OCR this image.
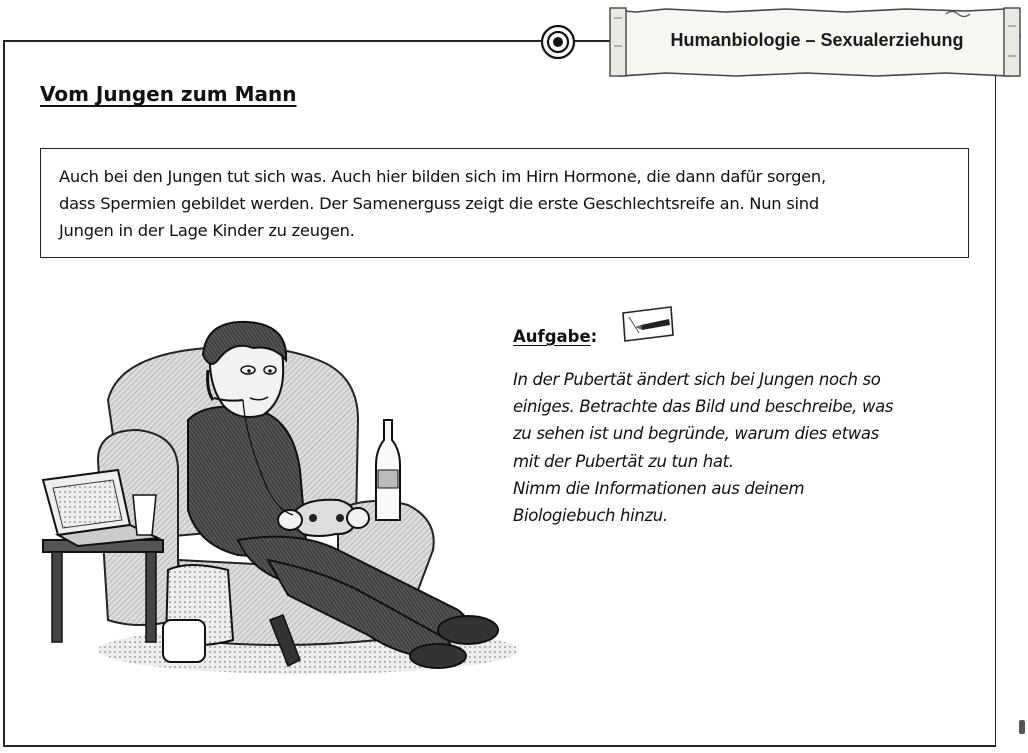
Humanbiologie – Sexualerziehung
Vom Jungen zum Mann
Auch bei den Jungen tut sich was. Auch hier bilden sich im Hirn Hormone, die dann dafür sorgen,
dass Spermien gebildet werden. Der Samenerguss zeigt die erste Geschlechtsreife an. Nun sind
Jungen in der Lage Kinder zu zeugen.
Aufgabe:
In der Pubertät ändert sich bei Jungen noch so
einiges. Betrachte das Bild und beschreibe, was
zu sehen ist und begründe, warum dies etwas
mit der Pubertät zu tun hat.
Nimm die Informationen aus deinem
Biologiebuch hinzu.
